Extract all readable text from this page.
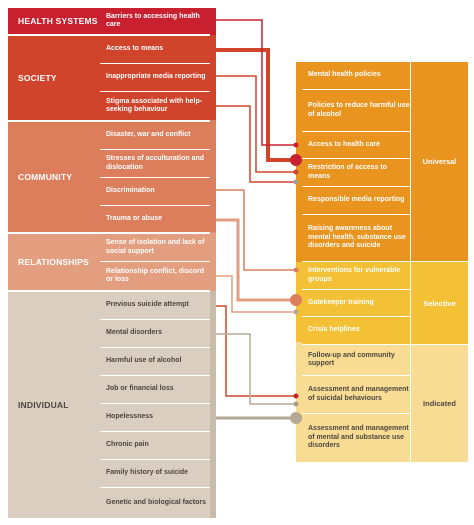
HEALTH SYSTEMS Barriers to accessing health care
SOCIETY
Access to means
Inappropriate media reporting
Stigma associated with help-seeking behaviour
COMMUNITY
Disaster, war and conflict
Stresses of acculturation and dislocation
Discrimination
Trauma or abuse
RELATIONSHIPS
Sense of isolation and lack of social support
Relationship conflict, discord or loss
INDIVIDUAL
Previous suicide attempt
Mental disorders
Harmful use of alcohol
Job or financial loss
Hopelessness
Chronic pain
Family history of suicide
Genetic and biological factors
Mental health policies
Policies to reduce harmful use of alcohol
Access to health care
Restriction of access to means
Responsible media reporting
Raising awareness about mental health, substance use disorders and suicide
Universal
Interventions for vulnerable groups
Gatekeeper training
Crisis helplines
Selective
Follow-up and community support
Assessment and management of suicidal behaviours
Assessment and management of mental and substance use disorders
Indicated
